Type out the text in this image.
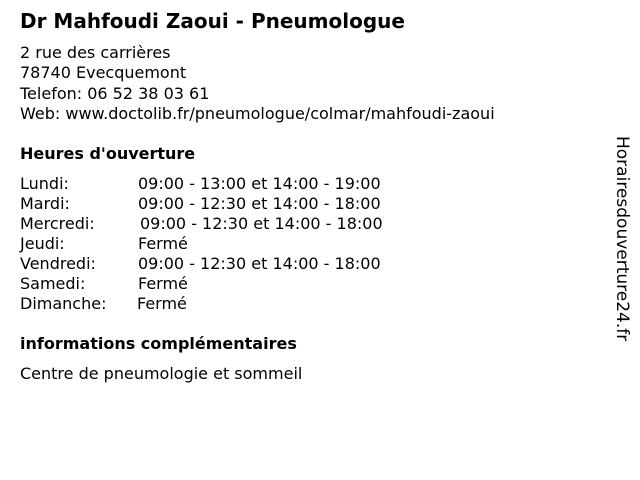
Dr Mahfoudi Zaoui - Pneumologue
2 rue des carrières
78740 Evecquemont
Telefon: 06 52 38 03 61
Web: www.doctolib.fr/pneumologue/colmar/mahfoudi-zaoui
Heures d'ouverture
Lundi:	09:00 - 13:00 et 14:00 - 19:00
Mardi:	09:00 - 12:30 et 14:00 - 18:00
Mercredi:	09:00 - 12:30 et 14:00 - 18:00
Jeudi:	Fermé
Vendredi:	09:00 - 12:30 et 14:00 - 18:00
Samedi:	Fermé
Dimanche: Fermé
informations complémentaires
Centre de pneumologie et sommeil
Horairesdouverture24.fr
